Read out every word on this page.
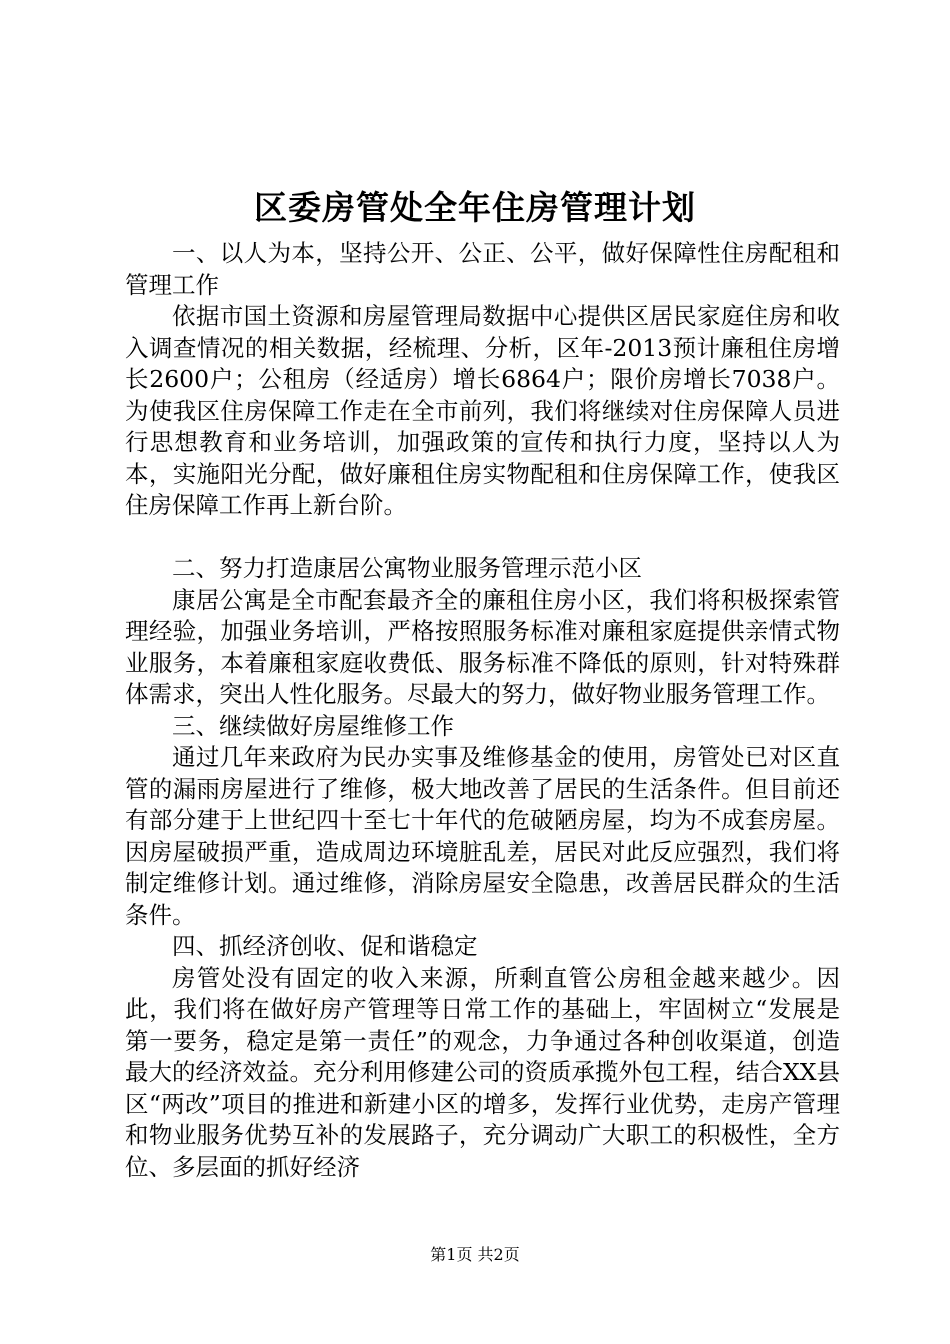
区委房管处全年住房管理计划

一、以人为本，坚持公开、公正、公平，做好保障性住房配租和管理工作

依据市国土资源和房屋管理局数据中心提供区居民家庭住房和收入调查情况的相关数据，经梳理、分析，区年-2013预计廉租住房增长2600户；公租房（经适房）增长6864户；限价房增长7038户。为使我区住房保障工作走在全市前列，我们将继续对住房保障人员进行思想教育和业务培训，加强政策的宣传和执行力度，坚持以人为本，实施阳光分配，做好廉租住房实物配租和住房保障工作，使我区住房保障工作再上新台阶。

二、努力打造康居公寓物业服务管理示范小区

康居公寓是全市配套最齐全的廉租住房小区，我们将积极探索管理经验，加强业务培训，严格按照服务标准对廉租家庭提供亲情式物业服务，本着廉租家庭收费低、服务标准不降低的原则，针对特殊群体需求，突出人性化服务。尽最大的努力，做好物业服务管理工作。

三、继续做好房屋维修工作

通过几年来政府为民办实事及维修基金的使用，房管处已对区直管的漏雨房屋进行了维修，极大地改善了居民的生活条件。但目前还有部分建于上世纪四十至七十年代的危破陋房屋，均为不成套房屋。因房屋破损严重，造成周边环境脏乱差，居民对此反应强烈，我们将制定维修计划。通过维修，消除房屋安全隐患，改善居民群众的生活条件。

四、抓经济创收、促和谐稳定

房管处没有固定的收入来源，所剩直管公房租金越来越少。因此，我们将在做好房产管理等日常工作的基础上，牢固树立“发展是第一要务，稳定是第一责任”的观念，力争通过各种创收渠道，创造最大的经济效益。充分利用修建公司的资质承揽外包工程，结合XX县区“两改”项目的推进和新建小区的增多，发挥行业优势，走房产管理和物业服务优势互补的发展路子，充分调动广大职工的积极性，全方位、多层面的抓好经济

第1页 共2页
